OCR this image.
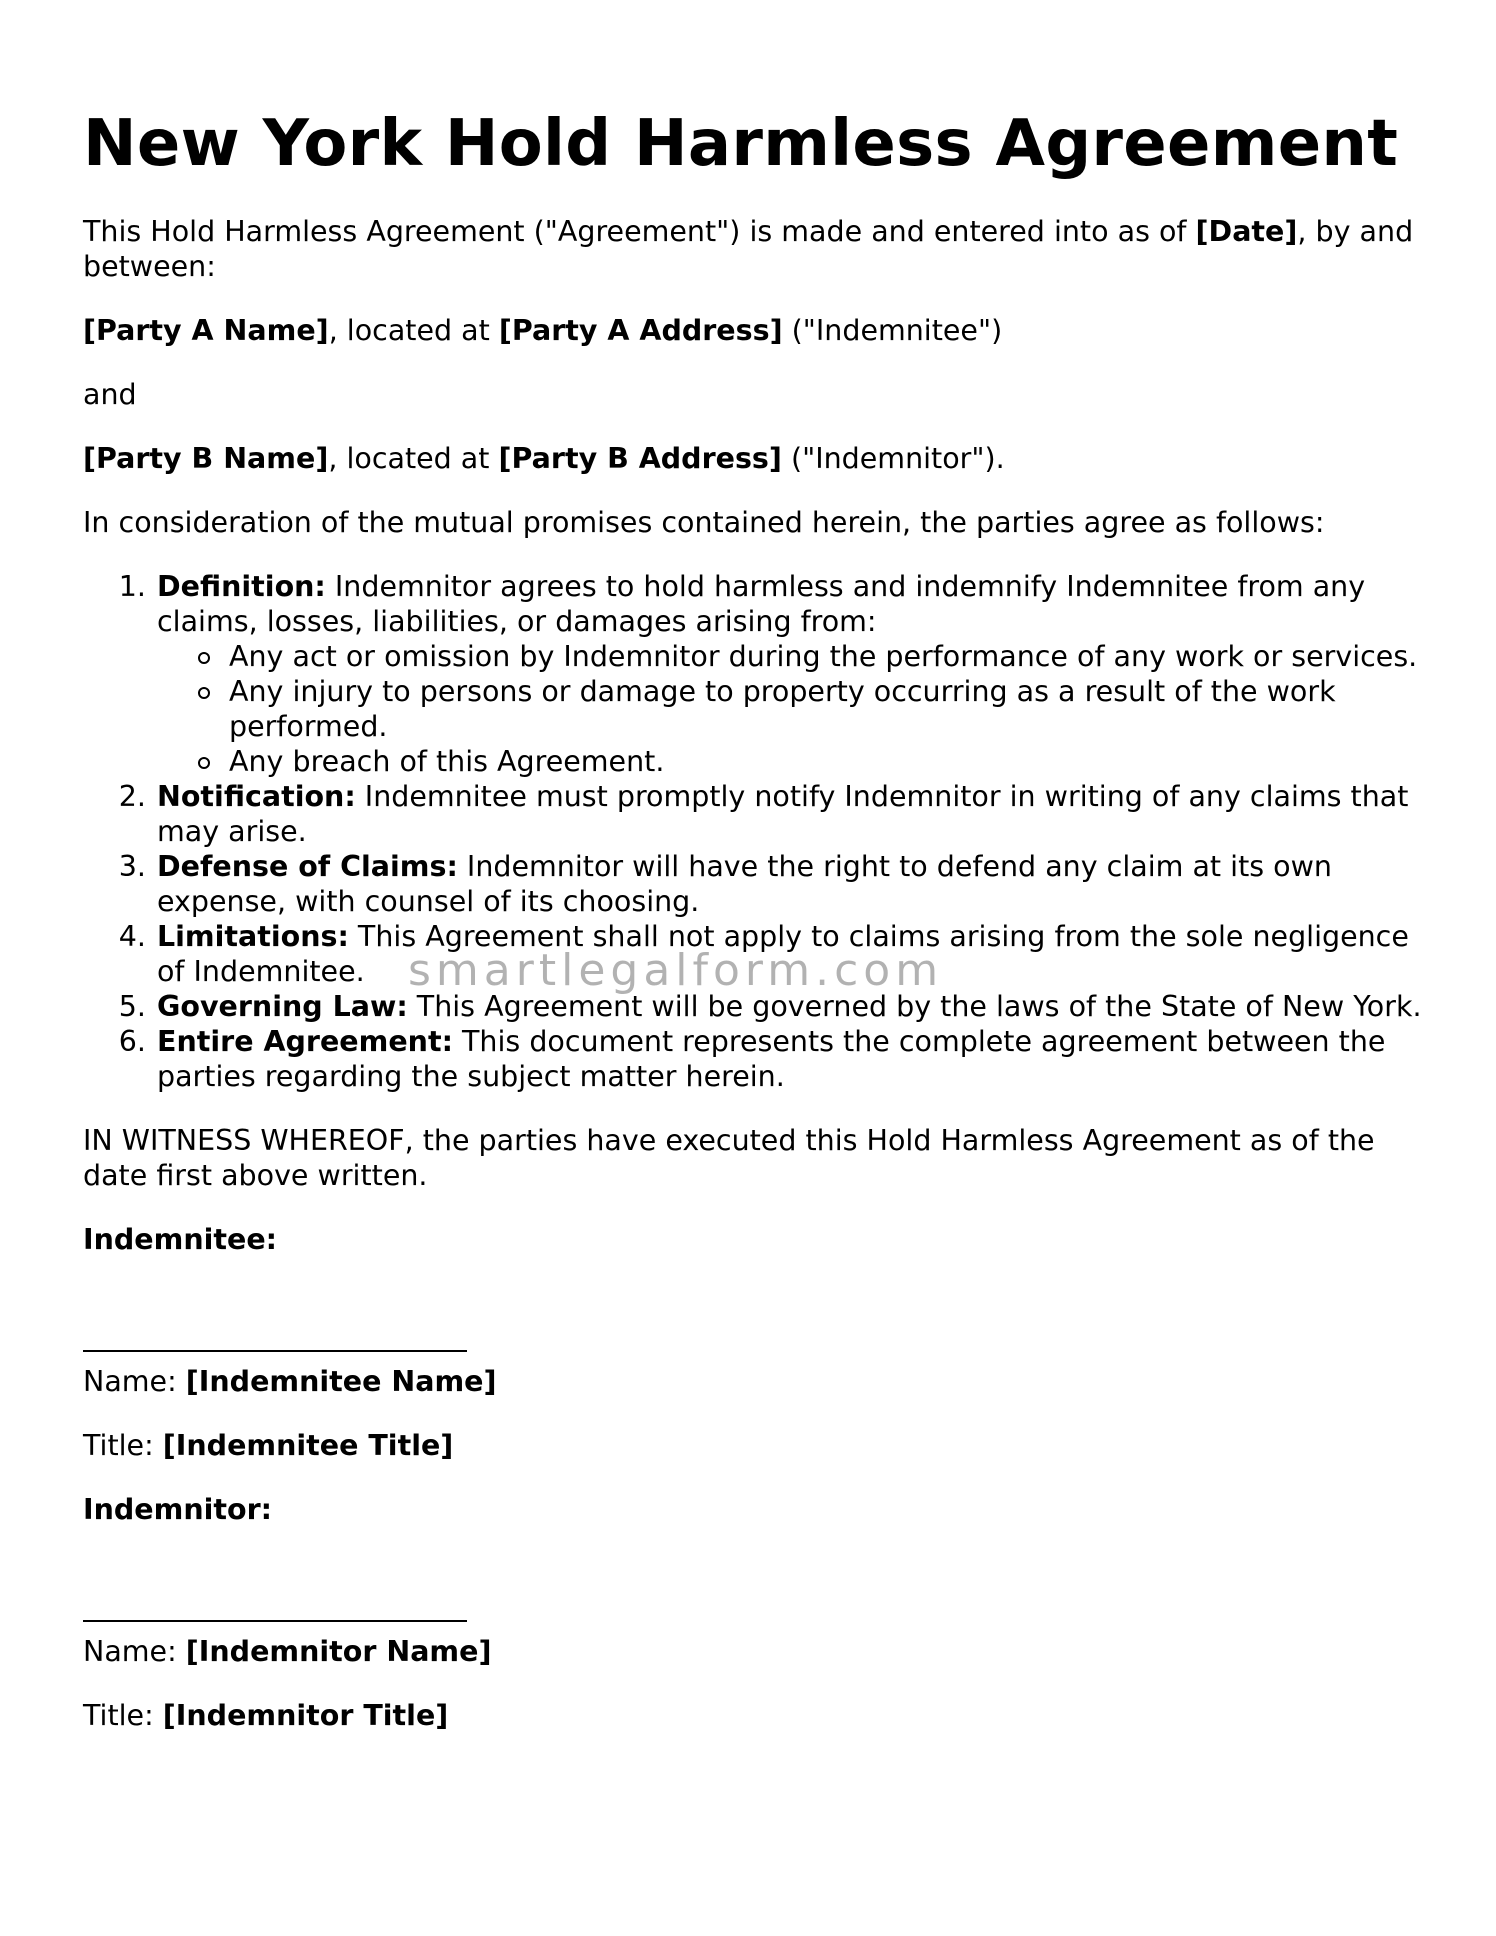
New York Hold Harmless Agreement

This Hold Harmless Agreement ("Agreement") is made and entered into as of [Date], by and between:

[Party A Name], located at [Party A Address] ("Indemnitee")

and

[Party B Name], located at [Party B Address] ("Indemnitor").

In consideration of the mutual promises contained herein, the parties agree as follows:

1. Definition: Indemnitor agrees to hold harmless and indemnify Indemnitee from any claims, losses, liabilities, or damages arising from:
Any act or omission by Indemnitor during the performance of any work or services.
Any injury to persons or damage to property occurring as a result of the work performed.
Any breach of this Agreement.
2. Notification: Indemnitee must promptly notify Indemnitor in writing of any claims that may arise.
3. Defense of Claims: Indemnitor will have the right to defend any claim at its own expense, with counsel of its choosing.
4. Limitations: This Agreement shall not apply to claims arising from the sole negligence of Indemnitee.
5. Governing Law: This Agreement will be governed by the laws of the State of New York.
6. Entire Agreement: This document represents the complete agreement between the parties regarding the subject matter herein.

IN WITNESS WHEREOF, the parties have executed this Hold Harmless Agreement as of the date first above written.

Indemnitee:

Name: [Indemnitee Name]

Title: [Indemnitee Title]

Indemnitor:

Name: [Indemnitor Name]

Title: [Indemnitor Title]

smartlegalform.com
